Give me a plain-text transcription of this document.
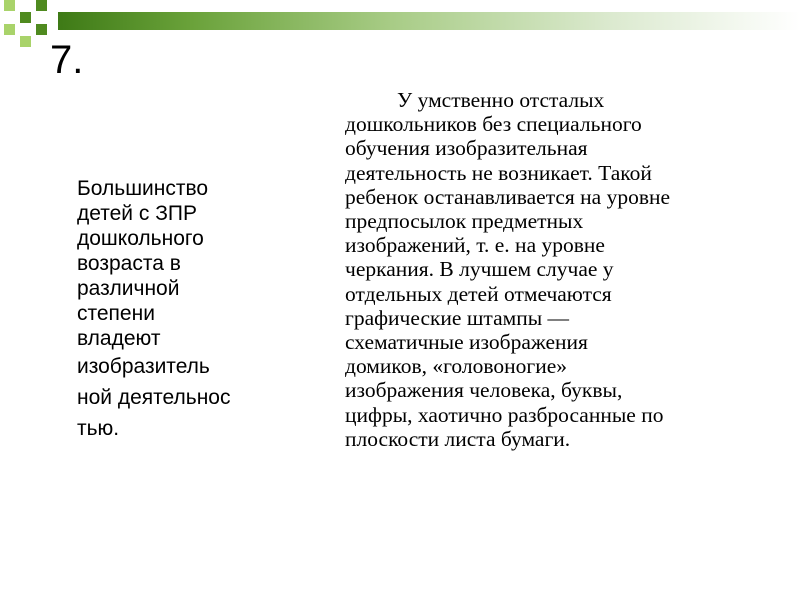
7.
Большинство
детей с ЗПР
дошкольного
возраста в
различной
степени
владеют
изобразитель
ной деятельнос
тью.
У умственно отсталых
дошкольников без специального
обучения изобразительная
деятельность не возникает. Такой
ребенок останавливается на уровне
предпосылок предметных
изображений, т. е. на уровне
черкания. В лучшем случае у
отдельных детей отмечаются
графические штампы —
схематичные изображения
домиков, «головоногие»
изображения человека, буквы,
цифры, хаотично разбросанные по
плоскости листа бумаги.
